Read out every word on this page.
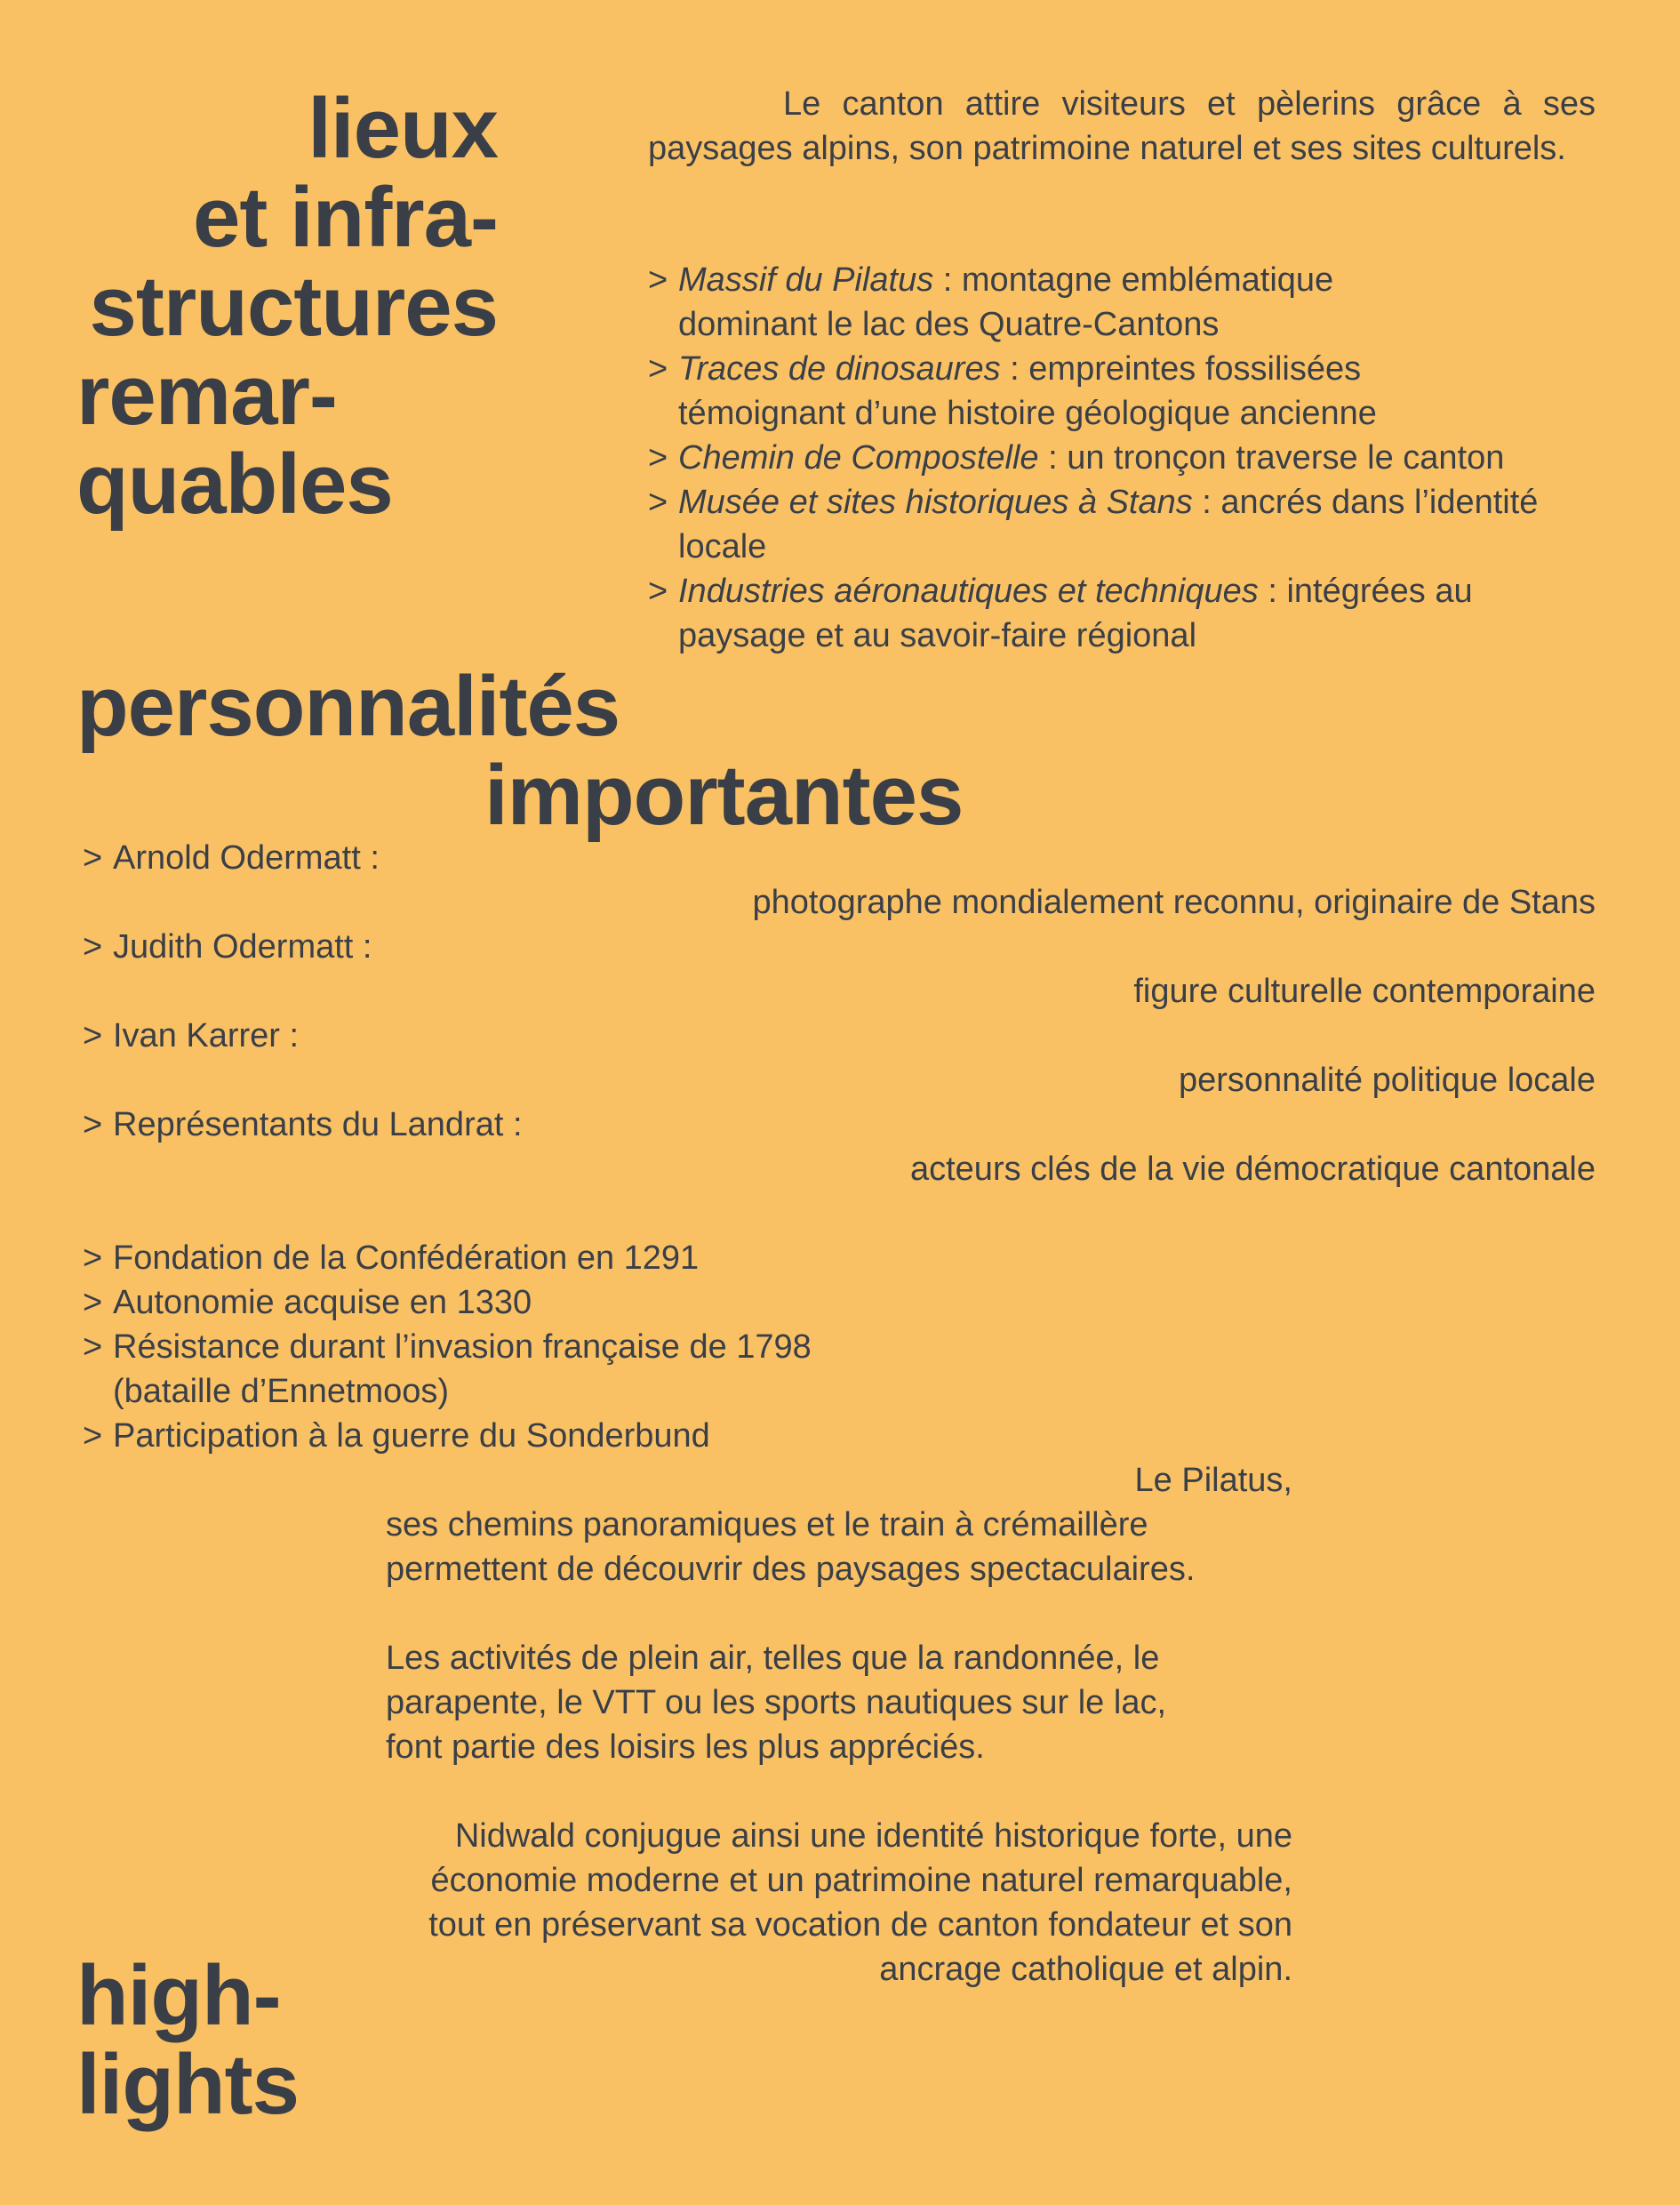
lieux
et infra-
structures
remar-
quables

Le canton attire visiteurs et pèlerins grâce à ses paysages alpins, son patrimoine naturel et ses sites culturels.

> Massif du Pilatus : montagne emblématique dominant le lac des Quatre-Cantons
> Traces de dinosaures : empreintes fossilisées témoignant d’une histoire géologique ancienne
> Chemin de Compostelle : un tronçon traverse le canton
> Musée et sites historiques à Stans : ancrés dans l’identité locale
> Industries aéronautiques et techniques : intégrées au paysage et au savoir-faire régional
personnalités
importantes
> Arnold Odermatt :
photographe mondialement reconnu, originaire de Stans
> Judith Odermatt :
figure culturelle contemporaine
> Ivan Karrer :
personnalité politique locale
> Représentants du Landrat :
acteurs clés de la vie démocratique cantonale
> Fondation de la Confédération en 1291
> Autonomie acquise en 1330
> Résistance durant l’invasion française de 1798 (bataille d’Ennetmoos)
> Participation à la guerre du Sonderbund
Le Pilatus,

ses chemins panoramiques et le train à crémaillère permettent de découvrir des paysages spectaculaires.

Les activités de plein air, telles que la randonnée, le parapente, le VTT ou les sports nautiques sur le lac, font partie des loisirs les plus appréciés.

Nidwald conjugue ainsi une identité historique forte, une économie moderne et un patrimoine naturel remarquable, tout en préservant sa vocation de canton fondateur et son ancrage catholique et alpin.

high-
lights
